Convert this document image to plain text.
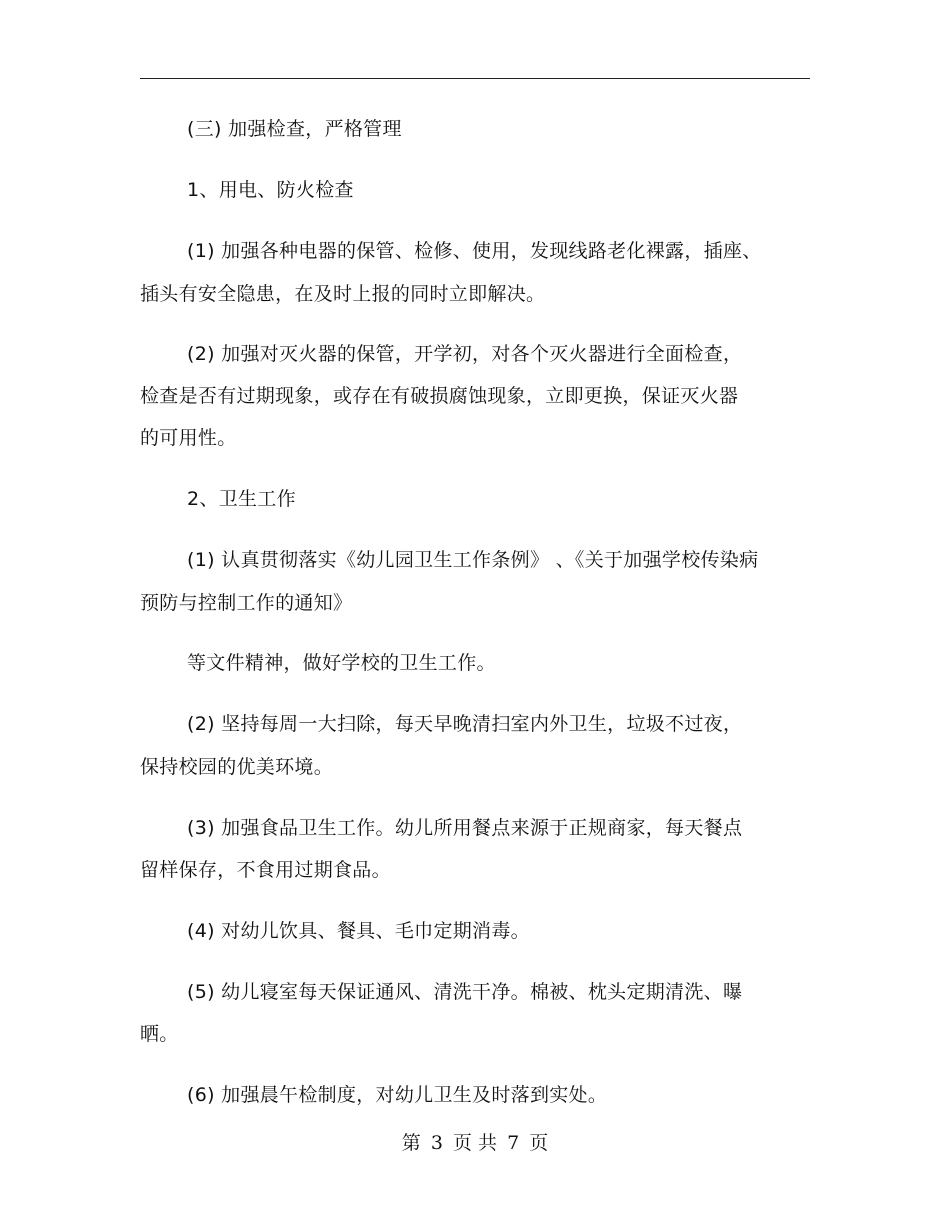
(三) 加强检查，严格管理
1、用电、防火检查
(1) 加强各种电器的保管、检修、使用，发现线路老化裸露，插座、
插头有安全隐患，在及时上报的同时立即解决。
(2) 加强对灭火器的保管，开学初，对各个灭火器进行全面检查，
检查是否有过期现象，或存在有破损腐蚀现象，立即更换，保证灭火器
的可用性。
2、卫生工作
(1) 认真贯彻落实《幼儿园卫生工作条例》 、《关于加强学校传染病
预防与控制工作的通知》
等文件精神，做好学校的卫生工作。
(2) 坚持每周一大扫除，每天早晚清扫室内外卫生，垃圾不过夜，
保持校园的优美环境。
(3) 加强食品卫生工作。幼儿所用餐点来源于正规商家，每天餐点
留样保存，不食用过期食品。
(4) 对幼儿饮具、餐具、毛巾定期消毒。
(5) 幼儿寝室每天保证通风、清洗干净。棉被、枕头定期清洗、曝
晒。
(6) 加强晨午检制度，对幼儿卫生及时落到实处。
第 3 页 共 7 页
